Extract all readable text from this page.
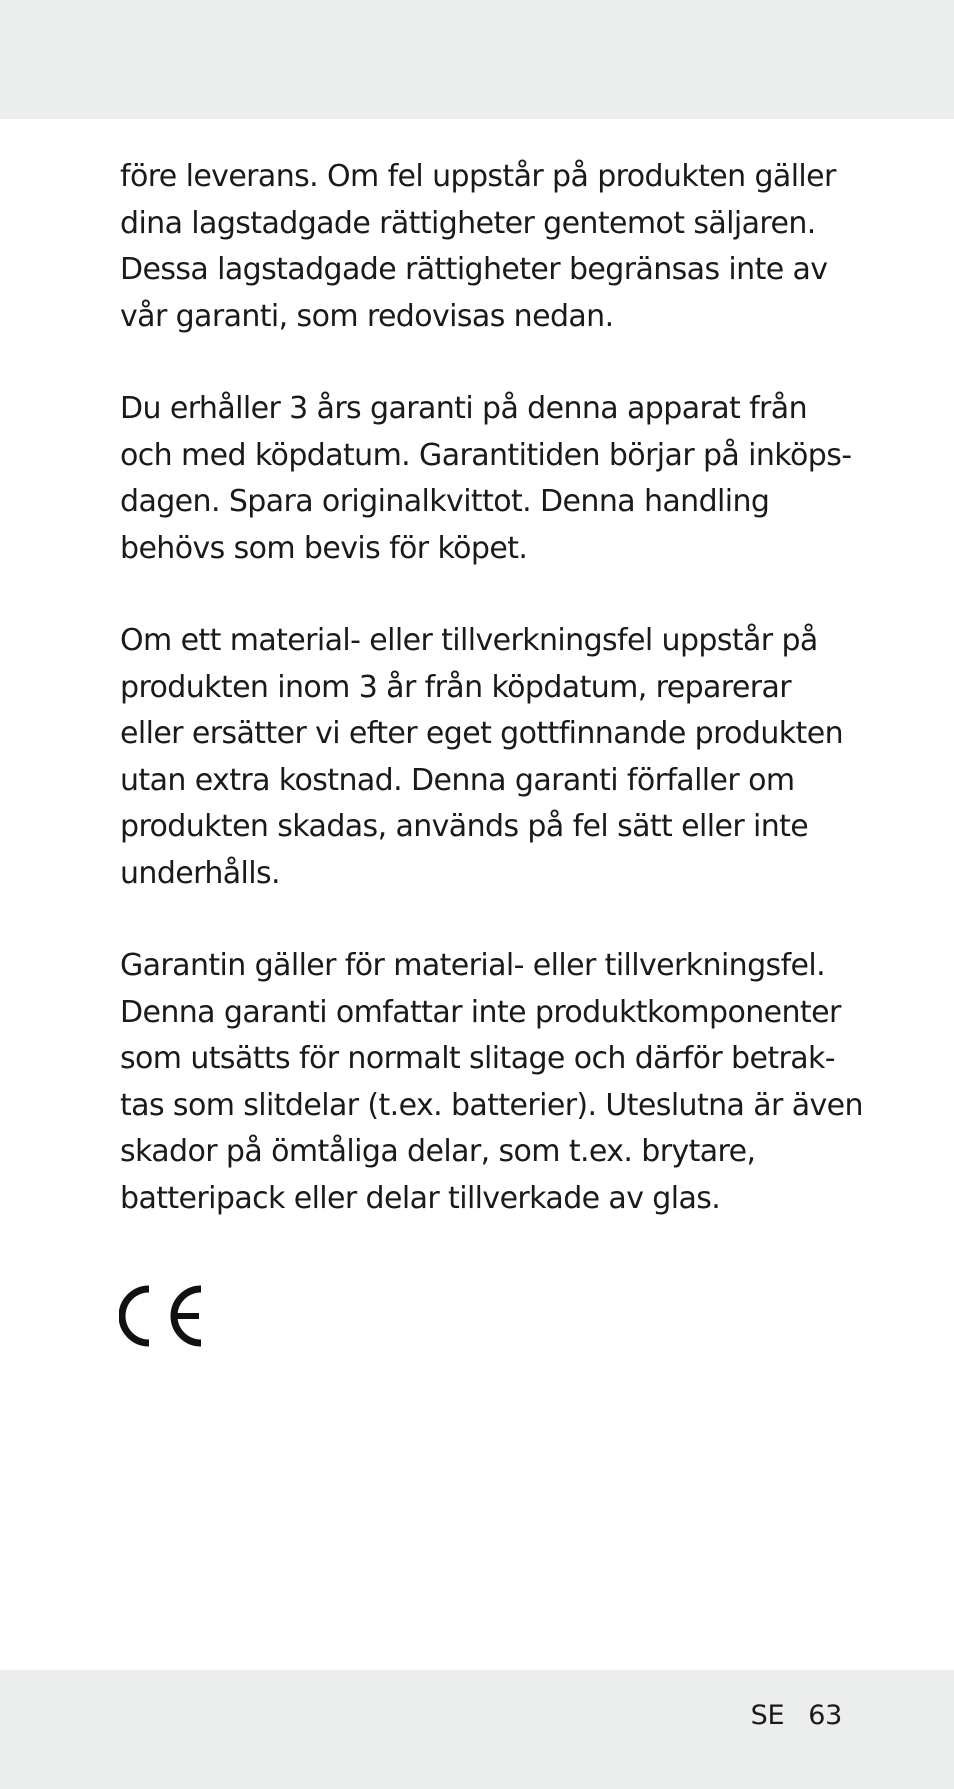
före leverans. Om fel uppstår på produkten gäller
dina lagstadgade rättigheter gentemot säljaren.
Dessa lagstadgade rättigheter begränsas inte av
vår garanti, som redovisas nedan.

Du erhåller 3 års garanti på denna apparat från
och med köpdatum. Garantitiden börjar på inköps-
dagen. Spara originalkvittot. Denna handling
behövs som bevis för köpet.

Om ett material- eller tillverkningsfel uppstår på
produkten inom 3 år från köpdatum, reparerar
eller ersätter vi efter eget gottfinnande produkten
utan extra kostnad. Denna garanti förfaller om
produkten skadas, används på fel sätt eller inte
underhålls.

Garantin gäller för material- eller tillverkningsfel.
Denna garanti omfattar inte produktkomponenter
som utsätts för normalt slitage och därför betrak-
tas som slitdelar (t.ex. batterier). Uteslutna är även
skador på ömtåliga delar, som t.ex. brytare,
batteripack eller delar tillverkade av glas.

SE 63
